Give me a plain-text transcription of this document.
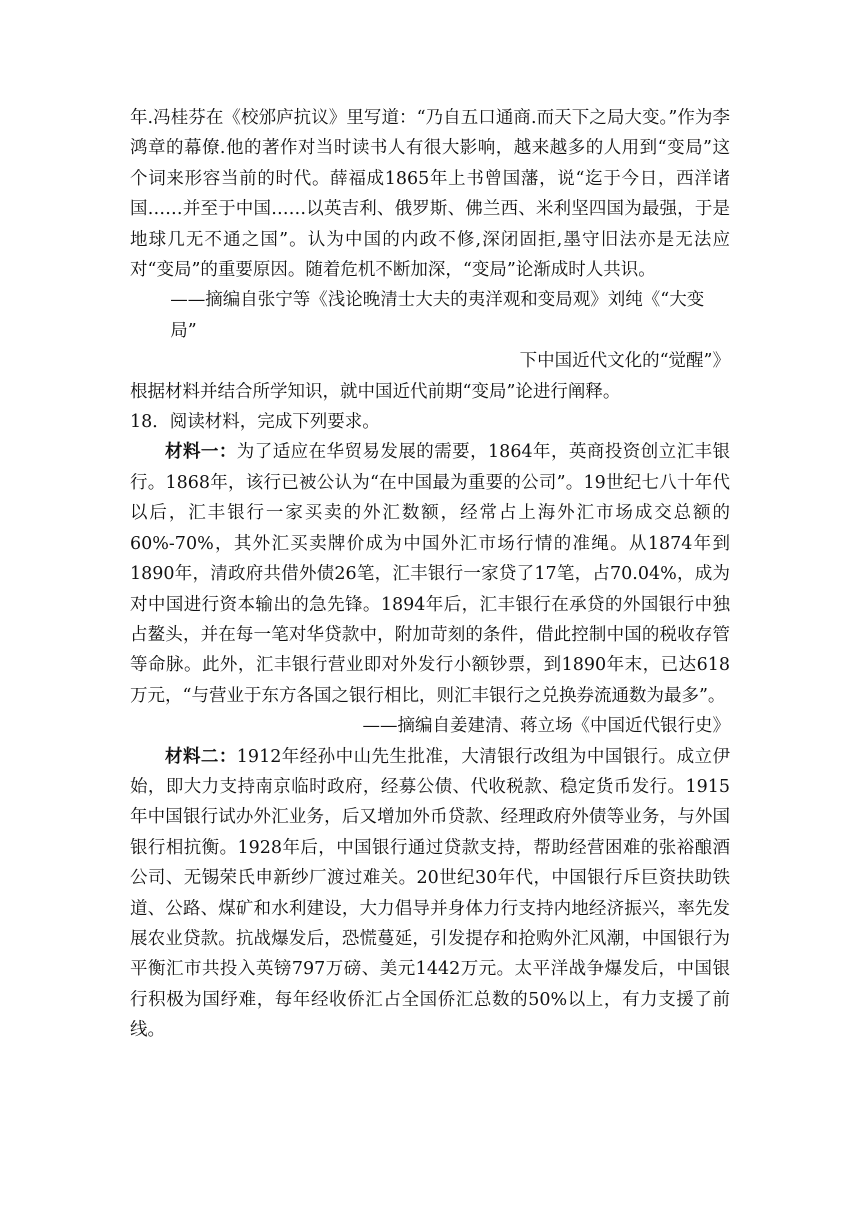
年.冯桂芬在《校邠庐抗议》里写道：“乃自五口通商.而天下之局大变。”作为李鸿章的幕僚.他的著作对当时读书人有很大影响，越来越多的人用到“变局”这个词来形容当前的时代。薛福成1865年上书曾国藩，说“迄于今日，西洋诸国……并至于中国……以英吉利、俄罗斯、佛兰西、米利坚四国为最强，于是地球几无不通之国”。认为中国的内政不修,深闭固拒,墨守旧法亦是无法应对“变局”的重要原因。随着危机不断加深，“变局”论渐成时人共识。

——摘编自张宁等《浅论晚清士大夫的夷洋观和变局观》刘纯《“大变局”

下中国近代文化的“觉醒”》

根据材料并结合所学知识，就中国近代前期“变局”论进行阐释。

18．阅读材料，完成下列要求。

材料一：为了适应在华贸易发展的需要，1864年，英商投资创立汇丰银行。1868年，该行已被公认为“在中国最为重要的公司”。19世纪七八十年代以后，汇丰银行一家买卖的外汇数额，经常占上海外汇市场成交总额的60%-70%，其外汇买卖牌价成为中国外汇市场行情的准绳。从1874年到1890年，清政府共借外债26笔，汇丰银行一家贷了17笔，占70.04%，成为对中国进行资本输出的急先锋。1894年后，汇丰银行在承贷的外国银行中独占鳌头，并在每一笔对华贷款中，附加苛刻的条件，借此控制中国的税收存管等命脉。此外，汇丰银行营业即对外发行小额钞票，到1890年末，已达618万元，“与营业于东方各国之银行相比，则汇丰银行之兑换券流通数为最多”。

——摘编自姜建清、蒋立场《中国近代银行史》

材料二：1912年经孙中山先生批准，大清银行改组为中国银行。成立伊始，即大力支持南京临时政府，经募公债、代收税款、稳定货币发行。1915年中国银行试办外汇业务，后又增加外币贷款、经理政府外债等业务，与外国银行相抗衡。1928年后，中国银行通过贷款支持，帮助经营困难的张裕酿酒公司、无锡荣氏申新纱厂渡过难关。20世纪30年代，中国银行斥巨资扶助铁道、公路、煤矿和水利建设，大力倡导并身体力行支持内地经济振兴，率先发展农业贷款。抗战爆发后，恐慌蔓延，引发提存和抢购外汇风潮，中国银行为平衡汇市共投入英镑797万磅、美元1442万元。太平洋战争爆发后，中国银行积极为国纾难，每年经收侨汇占全国侨汇总数的50%以上，有力支援了前线。
